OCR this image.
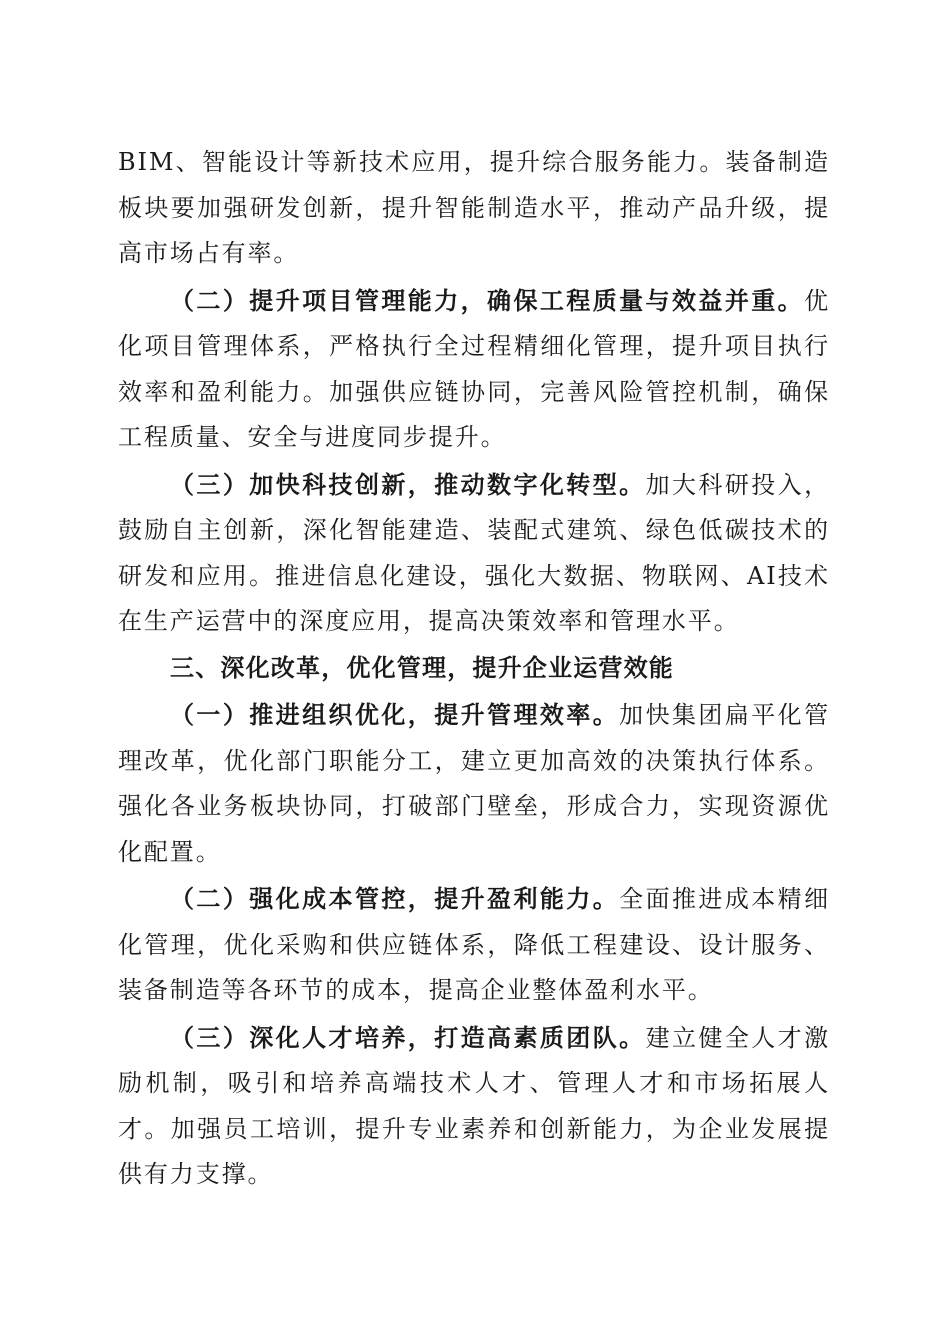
BIM、智能设计等新技术应用，提升综合服务能力。装备制造板块要加强研发创新，提升智能制造水平，推动产品升级，提高市场占有率。

（二）提升项目管理能力，确保工程质量与效益并重。优化项目管理体系，严格执行全过程精细化管理，提升项目执行效率和盈利能力。加强供应链协同，完善风险管控机制，确保工程质量、安全与进度同步提升。

（三）加快科技创新，推动数字化转型。加大科研投入，鼓励自主创新，深化智能建造、装配式建筑、绿色低碳技术的研发和应用。推进信息化建设，强化大数据、物联网、AI技术在生产运营中的深度应用，提高决策效率和管理水平。

三、深化改革，优化管理，提升企业运营效能

（一）推进组织优化，提升管理效率。加快集团扁平化管理改革，优化部门职能分工，建立更加高效的决策执行体系。强化各业务板块协同，打破部门壁垒，形成合力，实现资源优化配置。

（二）强化成本管控，提升盈利能力。全面推进成本精细化管理，优化采购和供应链体系，降低工程建设、设计服务、装备制造等各环节的成本，提高企业整体盈利水平。

（三）深化人才培养，打造高素质团队。建立健全人才激励机制，吸引和培养高端技术人才、管理人才和市场拓展人才。加强员工培训，提升专业素养和创新能力，为企业发展提供有力支撑。
